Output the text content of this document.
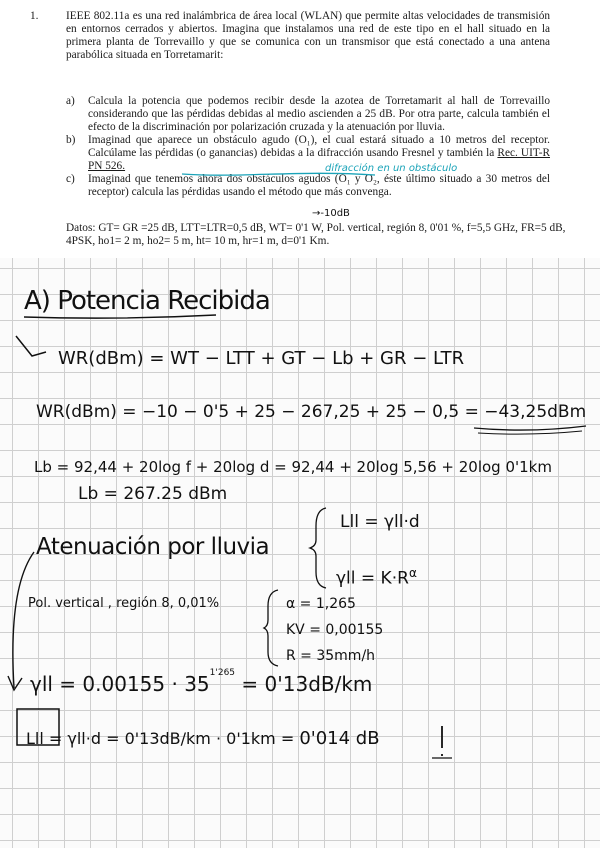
1. IEEE 802.11a es una red inalámbrica de área local (WLAN) que permite altas velocidades de transmisión en entornos cerrados y abiertos. Imagina que instalamos una red de este tipo en el hall situado en la primera planta de Torrevaillo y que se comunica con un transmisor que está conectado a una antena parabólica situada en Torretamarit:
a) Calcula la potencia que podemos recibir desde la azotea de Torretamarit al hall de Torrevaillo considerando que las pérdidas debidas al medio ascienden a 25 dB. Por otra parte, calcula también el efecto de la discriminación por polarización cruzada y la atenuación por lluvia.
b) Imaginad que aparece un obstáculo agudo (O₁), el cual estará situado a 10 metros del receptor. Calcúlame las pérdidas (o ganancias) debidas a la difracción usando Fresnel y también la Rec. UIT-R PN 526.
c) Imaginad que tenemos ahora dos obstáculos agudos (O₁ y O₂, éste último situado a 30 metros del receptor) calcula las pérdidas usando el método que más convenga.
Datos: GT= GR =25 dB, LTT=LTR=0,5 dB, WT= 0'1 W, Pol. vertical, región 8, 0'01 %, f=5,5 GHz, FR=5 dB, 4PSK, ho1= 2 m, ho2= 5 m, ht= 10 m, hr=1 m, d=0'1 Km.
difracción en un obstáculo
→-10dB
A) Potencia Recibida
WR(dBm) = WT − LTT + GT − Lb + GR − LTR
WR(dBm) = −10 − 0'5 + 25 − 267,25 + 25 − 0,5 = −43,25dBm
Lb = 92,44 + 20log f + 20log d = 92,44 + 20log 5,56 + 20log 0'1km
Lb = 267.25 dBm
Atenuación por lluvia
Lll = γll·d
$\gamma ll = K\cdot R^\alpha$
Pol. vertical , región 8, 0,01%	α = 1,265
KV = 0,00155
R = 35mm/h
$\gamma ll = 0.00155 \cdot 35^{1'265} = 0'13dB/km$
Lll = γll·d = 0'13dB/km · 0'1km = 0'014 dB
